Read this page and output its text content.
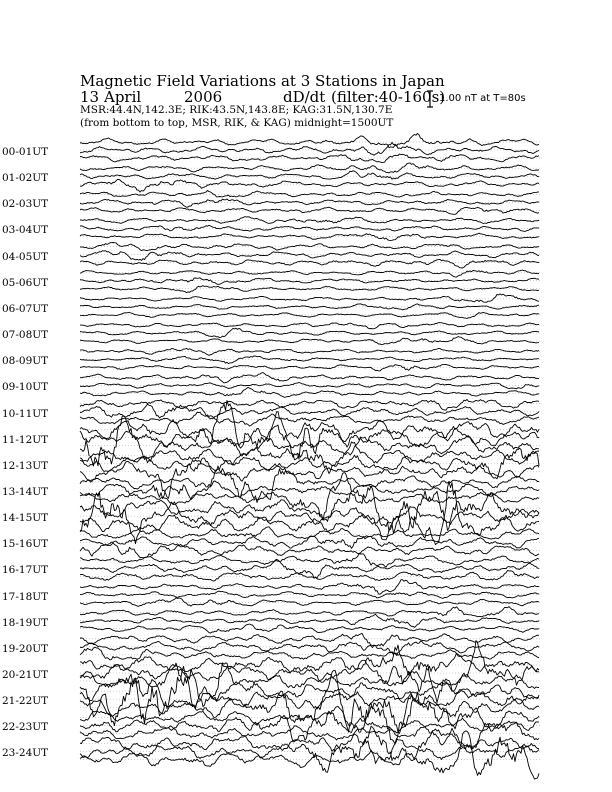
Magnetic Field Variations at 3 Stations in Japan
13 April	2006	dD/dt (filter:40-160s)
MSR:44.4N,142.3E; RIK:43.5N,143.8E; KAG:31.5N,130.7E
(from bottom to top, MSR, RIK, & KAG) midnight=1500UT
1.00 nT at T=80s
00-01UT
01-02UT
02-03UT
03-04UT
04-05UT
05-06UT
06-07UT
07-08UT
08-09UT
09-10UT
10-11UT
11-12UT
12-13UT
13-14UT
14-15UT
15-16UT
16-17UT
17-18UT
18-19UT
19-20UT
20-21UT
21-22UT
22-23UT
23-24UT
